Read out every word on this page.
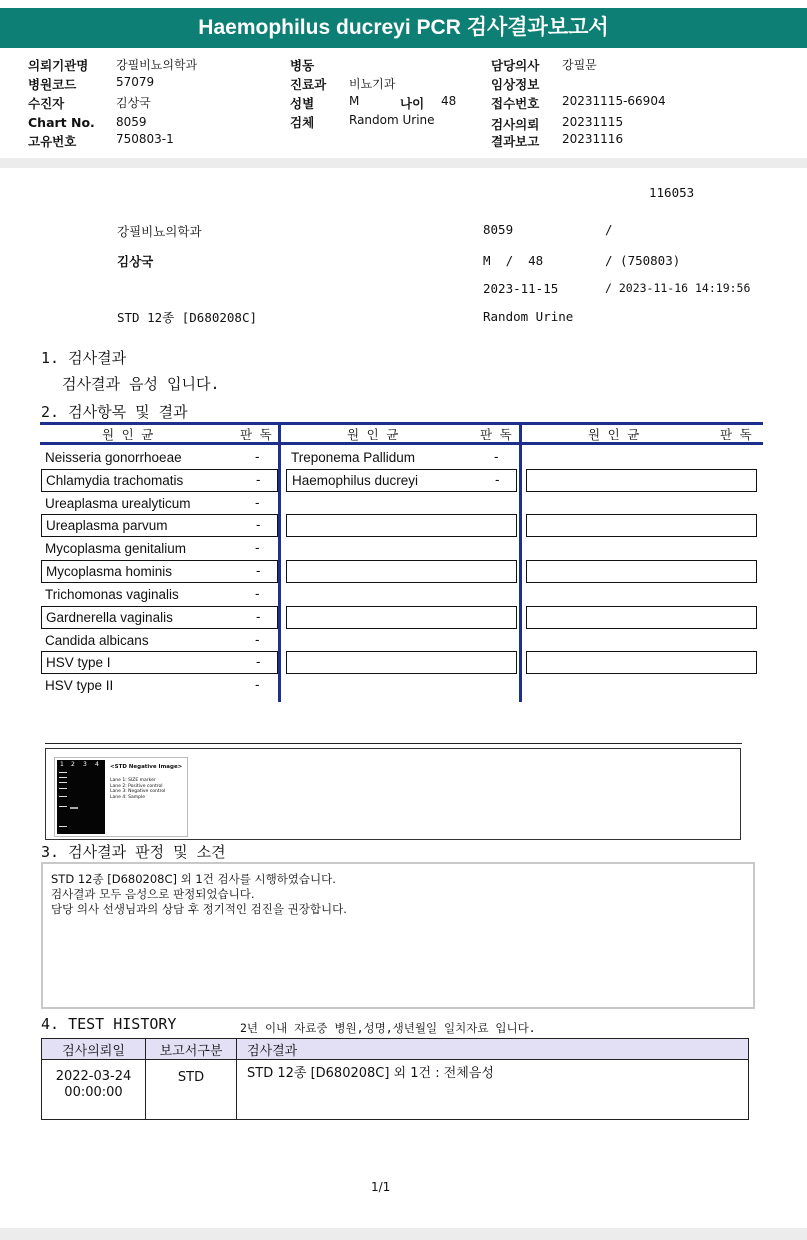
Haemophilus ducreyi PCR 검사결과보고서
의뢰기관명 강필비뇨의학과
병원코드	57079
수진자	김상국
Chart No. 8059
고유번호	750803-1
병동
진료과 비뇨기과
성별	M	나이 48
검체	Random Urine
담당의사 강필문
임상정보
접수번호 20231115-66904
검사의뢰 20231115
결과보고 20231116
116053
강필비뇨의학과	8059	/
김상국	M  /  48	/ (750803)
2023-11-15	/ 2023-11-16 14:19:56
STD 12종 [D680208C]	Random Urine
1. 검사결과
검사결과 음성 입니다.
2. 검사항목 및 결과
원 인 균	판 독	원 인 균	판 독	원 인 균	판 독
Neisseria gonorrhoeae	-
Chlamydia trachomatis	-
Ureaplasma urealyticum	-
Ureaplasma parvum	-
Mycoplasma genitalium	-
Mycoplasma hominis	-
Trichomonas vaginalis	-
Gardnerella vaginalis	-
Candida albicans	-
HSV type I	-
HSV type II	-
Treponema Pallidum	-
Haemophilus ducreyi	-
1 2 3 4 <STD Negative Image>
Lane 1: SIZE marker
Lane 2: Positive control
Lane 3: Negative control
Lane 4: Sample
3. 검사결과 판정 및 소견
STD 12종 [D680208C] 외 1건 검사를 시행하였습니다.
검사결과 모두 음성으로 판정되었습니다.
담당 의사 선생님과의 상담 후 정기적인 검진을 권장합니다.
4. TEST HISTORY	2년 이내 자료중 병원,성명,생년월일 일치자료 입니다.
검사의뢰일	보고서구분	검사결과

2022-03-24
00:00:00	STD	STD 12종 [D680208C] 외 1건 : 전체음성
1/1
